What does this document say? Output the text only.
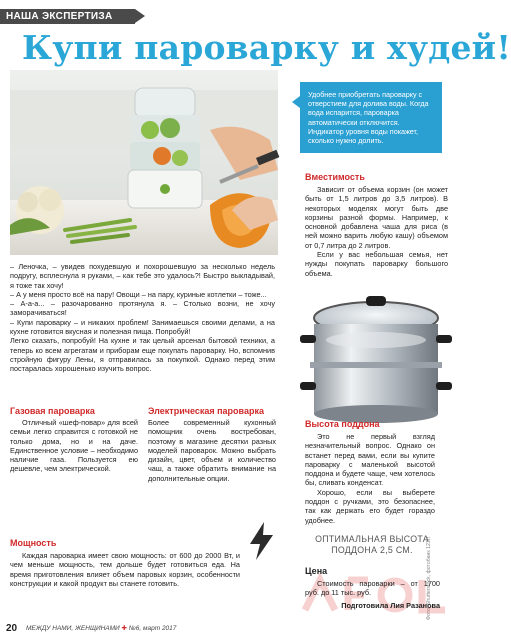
НАША ЭКСПЕРТИЗА
Купи пароварку и худей!
Удобнее приобретать пароварку с отверстием для долива воды. Когда вода испарится, пароварка автоматически отключится. Индикатор уровня воды покажет, сколько нужно долить.

– Леночка, – увидев похудевшую и похорошевшую за несколько недель подругу, всплеснула я руками, – как тебе это удалось?! Быстро выкладывай, я тоже так хочу!

– А у меня просто всё на пару! Овощи – на пару, куриные котлетки – тоже...

– А-а-а... – разочарованно протянула я. – Столько возни, не хочу заморачиваться!

– Купи пароварку – и никаких проблем! Занимаешься своими делами, а на кухне готовится вкусная и полезная пища. Попробуй!

Легко сказать, попробуй! На кухне и так целый арсенал бытовой техники, а теперь ко всем агрегатам и приборам еще покупать пароварку. Но, вспомнив стройную фигуру Лены, я отправилась за покупкой. Однако перед этим постаралась хорошенько изучить вопрос.

Газовая пароварка
Отличный «шеф-повар» для всей семьи легко справится с готовкой не только дома, но и на даче. Единственное условие – необходимо наличие газа. Пользуется ею дешевле, чем электрической.
Электрическая пароварка
Более современный кухонный помощник очень востребован, поэтому в магазине десятки разных моделей пароварок. Можно выбрать дизайн, цвет, объем и количество чаш, а также обратить внимание на дополнительные опции.
Мощность
Каждая пароварка имеет свою мощность: от 600 до 2000 Вт, и чем меньше мощность, тем дольше будет готовиться еда. На время приготовления влияет объем паровых корзин, особенности конструкции и какой продукт вы станете готовить.
Вместимость
Зависит от объема корзин (он может быть от 1,5 литров до 3,5 литров). В некоторых моделях могут быть две корзины разной формы. Например, к основной добавлена чаша для риса (в ней можно варить любую кашу) объемом от 0,7 литра до 2 литров.
Если у вас небольшая семья, нет нужды покупать пароварку большого объема.
Высота поддона
Это не первый взгляд незначительный вопрос. Однако он встанет перед вами, если вы купите пароварку с маленькой высотой поддона и будете чаще, чем хотелось бы, сливать конденсат.
Хорошо, если вы выберете поддон с ручками, это безопаснее, так как держать его будет гораздо удобнее.
Фото: Shutterstock, фотобанк 123rf
ОПТИМАЛЬНАЯ ВЫСОТА
ПОДДОНА 2,5 СМ.
Цена
Стоимость пароварки – от 1700 руб. до 11 тыс. руб.
Подготовила Лия Разанова
20 МЕЖДУ НАМИ, ЖЕНЩИНАМИ ✚ №6, март 2017
